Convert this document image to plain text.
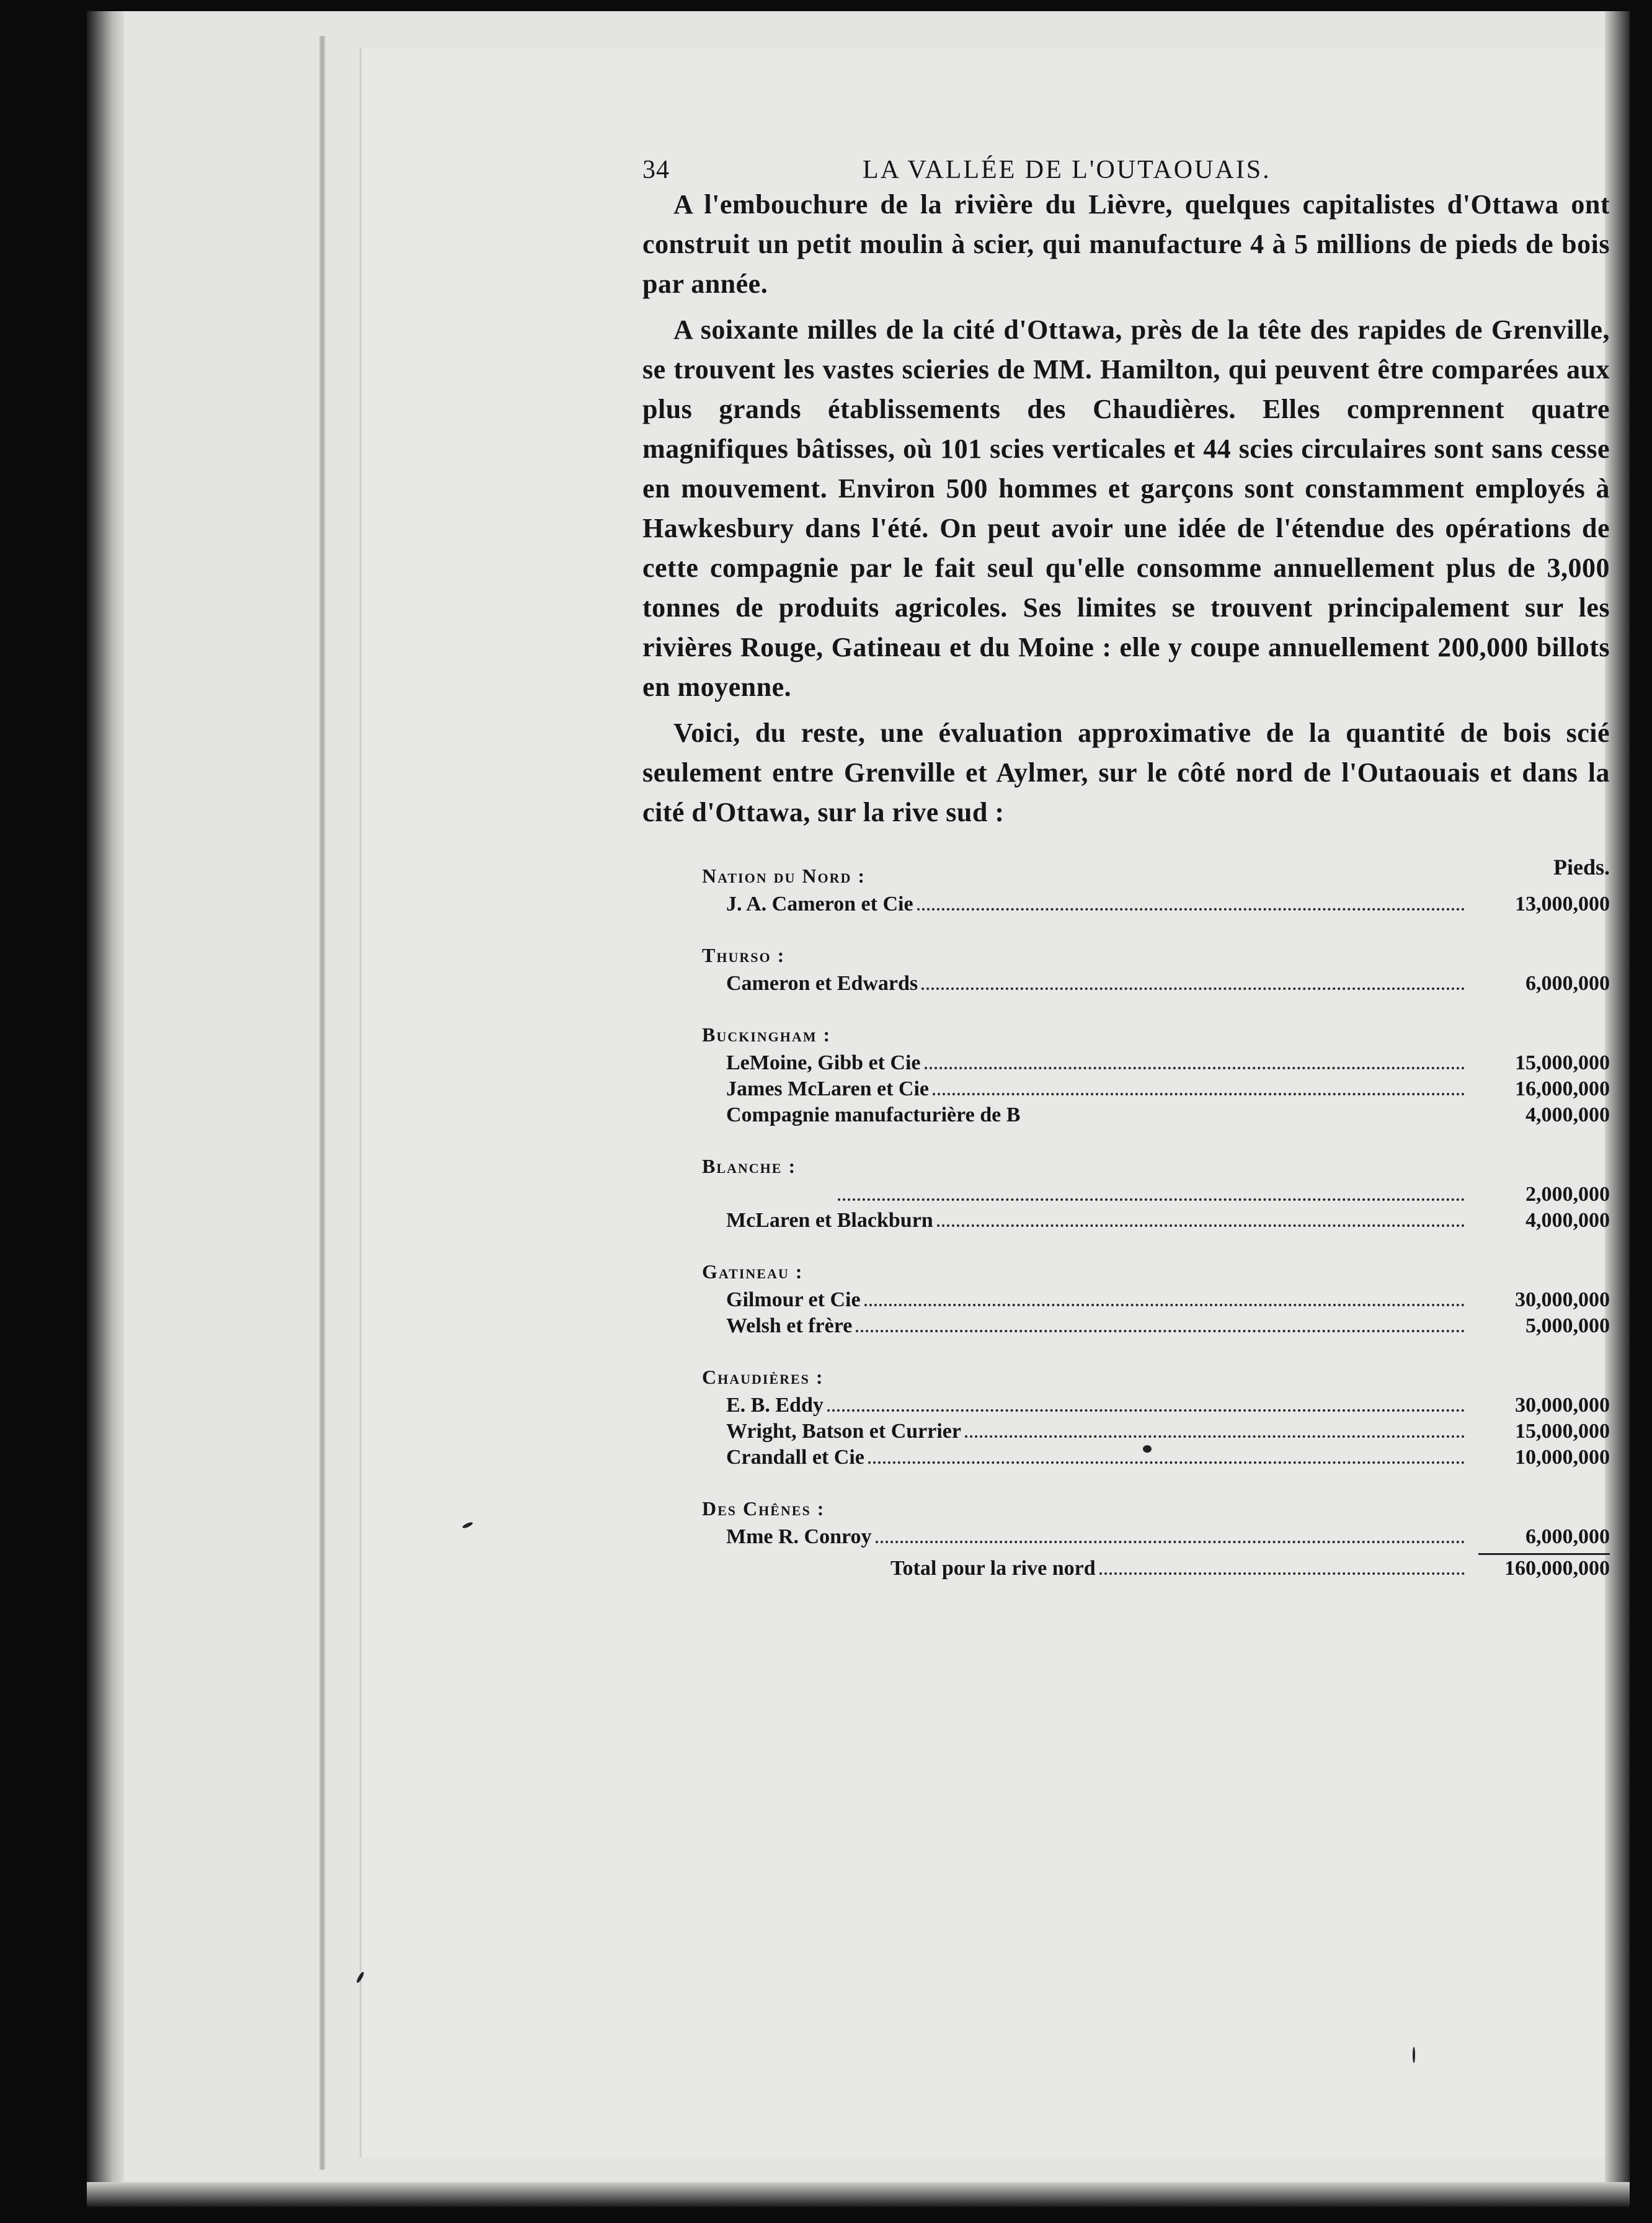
34	LA VALLÉE DE L'OUTAOUAIS.

A l'embouchure de la rivière du Lièvre, quelques capitalistes d'Ottawa ont construit un petit moulin à scier, qui manufacture 4 à 5 millions de pieds de bois par année.

A soixante milles de la cité d'Ottawa, près de la tête des rapides de Grenville, se trouvent les vastes scieries de MM. Hamilton, qui peuvent être comparées aux plus grands établissements des Chaudières. Elles comprennent quatre magnifiques bâtisses, où 101 scies verticales et 44 scies circulaires sont sans cesse en mouvement. Environ 500 hommes et garçons sont constamment employés à Hawkesbury dans l'été. On peut avoir une idée de l'étendue des opérations de cette compagnie par le fait seul qu'elle consomme annuellement plus de 3,000 tonnes de produits agricoles. Ses limites se trouvent principalement sur les rivières Rouge, Gatineau et du Moine : elle y coupe annuellement 200,000 billots en moyenne.

Voici, du reste, une évaluation approximative de la quantité de bois scié seulement entre Grenville et Aylmer, sur le côté nord de l'Outaouais et dans la cité d'Ottawa, sur la rive sud :

Nation du Nord :	Pieds.
J. A. Cameron et Cie	13,000,000
Thurso :
Cameron et Edwards	6,000,000
Buckingham :
LeMoine, Gibb et Cie	15,000,000
James McLaren et Cie	16,000,000
Compagnie manufacturière de B	4,000,000
Blanche :
2,000,000
McLaren et Blackburn	4,000,000
Gatineau :
Gilmour et Cie	30,000,000
Welsh et frère	5,000,000
Chaudières :
E. B. Eddy	30,000,000
Wright, Batson et Currier	15,000,000
Crandall et Cie	10,000,000
Des Chênes :
Mme R. Conroy	6,000,000
Total pour la rive nord	160,000,000
